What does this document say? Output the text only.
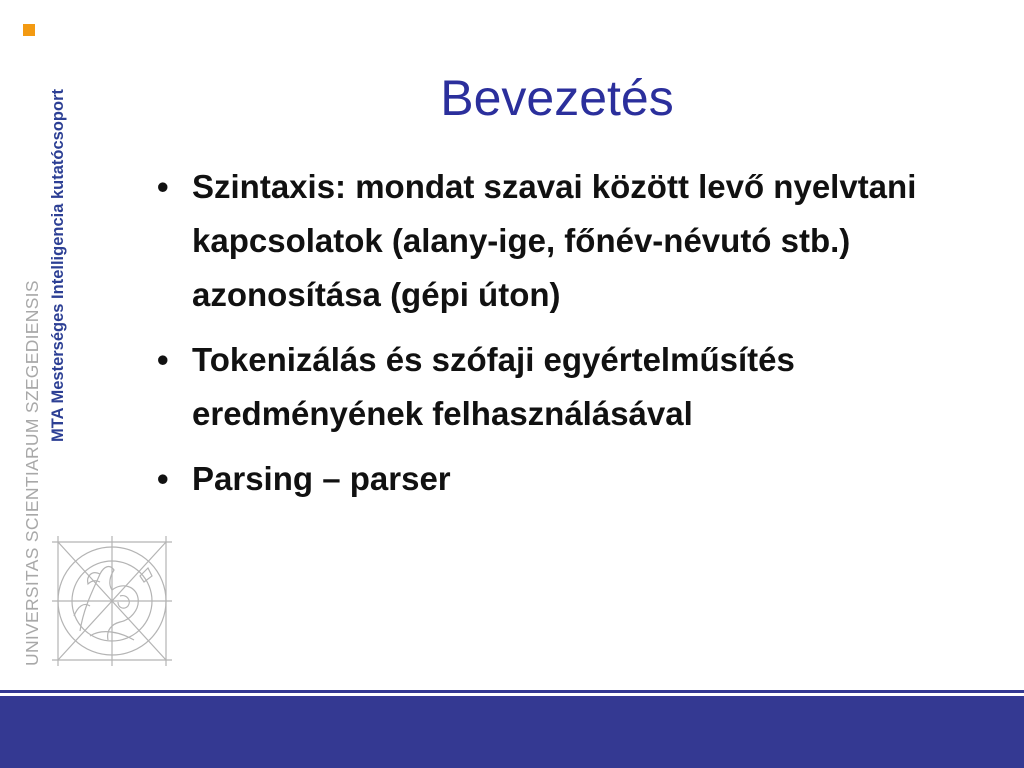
MTA Mesterséges Intelligencia kutatócsoport

UNIVERSITAS SCIENTIARUM SZEGEDIENSIS

Bevezetés
• Szintaxis: mondat szavai között levő nyelvtani kapcsolatok (alany-ige, főnév-névutó stb.) azonosítása (gépi úton)
• Tokenizálás és szófaji egyértelműsítés eredményének felhasználásával
• Parsing – parser
